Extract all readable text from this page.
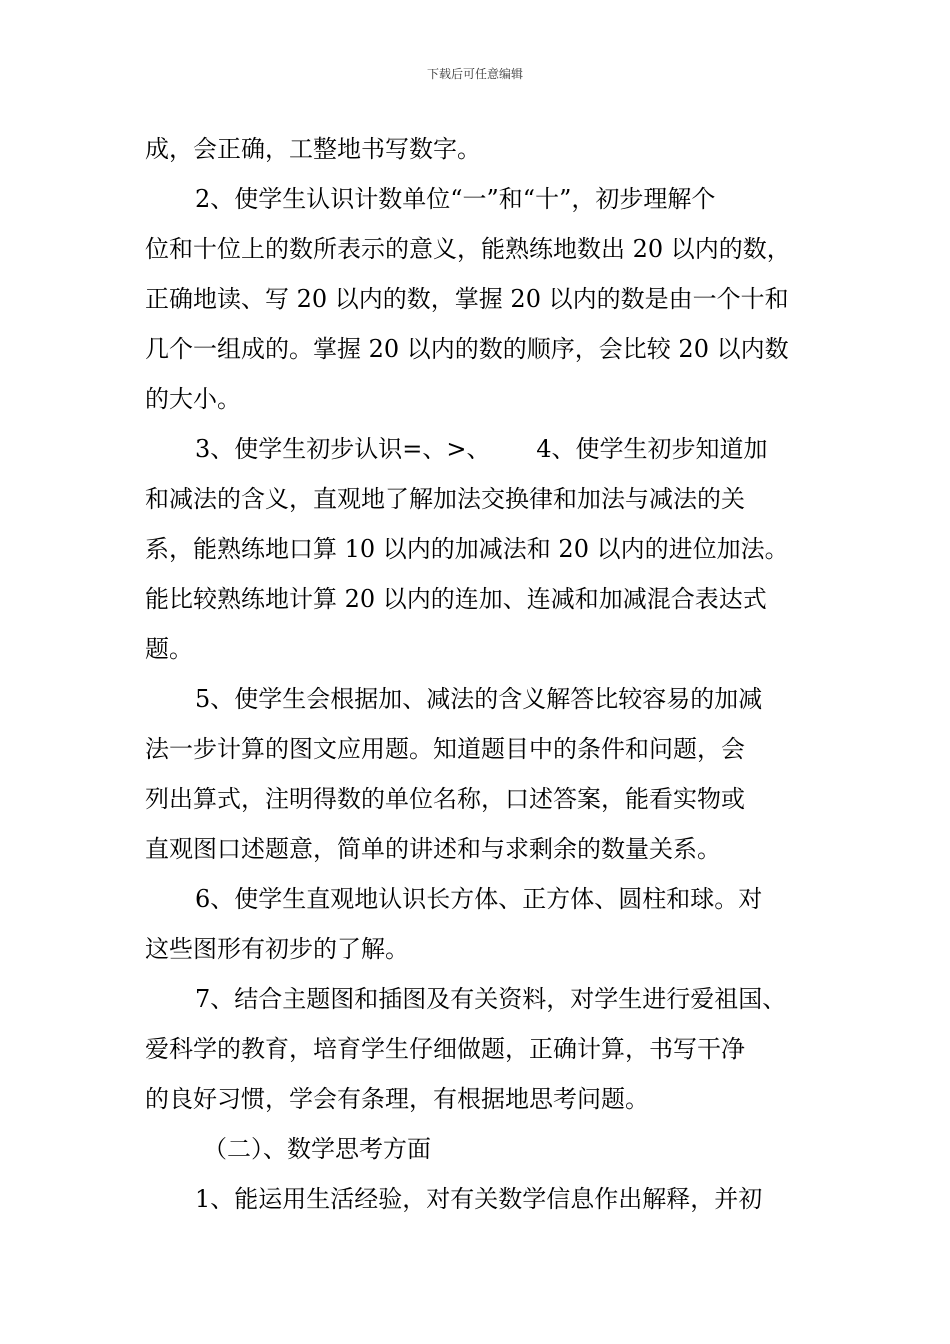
下载后可任意编辑
成，会正确，工整地书写数字。
2、使学生认识计数单位“一”和“十”，初步理解个
位和十位上的数所表示的意义，能熟练地数出 20 以内的数，
正确地读、写 20 以内的数，掌握 20 以内的数是由一个十和
几个一组成的。掌握 20 以内的数的顺序，会比较 20 以内数
的大小。
3、使学生初步认识=、>、      4、使学生初步知道加
和减法的含义，直观地了解加法交换律和加法与减法的关
系，能熟练地口算 10 以内的加减法和 20 以内的进位加法。
能比较熟练地计算 20 以内的连加、连减和加减混合表达式
题。
5、使学生会根据加、减法的含义解答比较容易的加减
法一步计算的图文应用题。知道题目中的条件和问题，会
列出算式，注明得数的单位名称，口述答案，能看实物或
直观图口述题意，简单的讲述和与求剩余的数量关系。
6、使学生直观地认识长方体、正方体、圆柱和球。对
这些图形有初步的了解。
7、结合主题图和插图及有关资料，对学生进行爱祖国、
爱科学的教育，培育学生仔细做题，正确计算，书写干净
的良好习惯，学会有条理，有根据地思考问题。
（二）、数学思考方面
1、能运用生活经验，对有关数学信息作出解释，并初
